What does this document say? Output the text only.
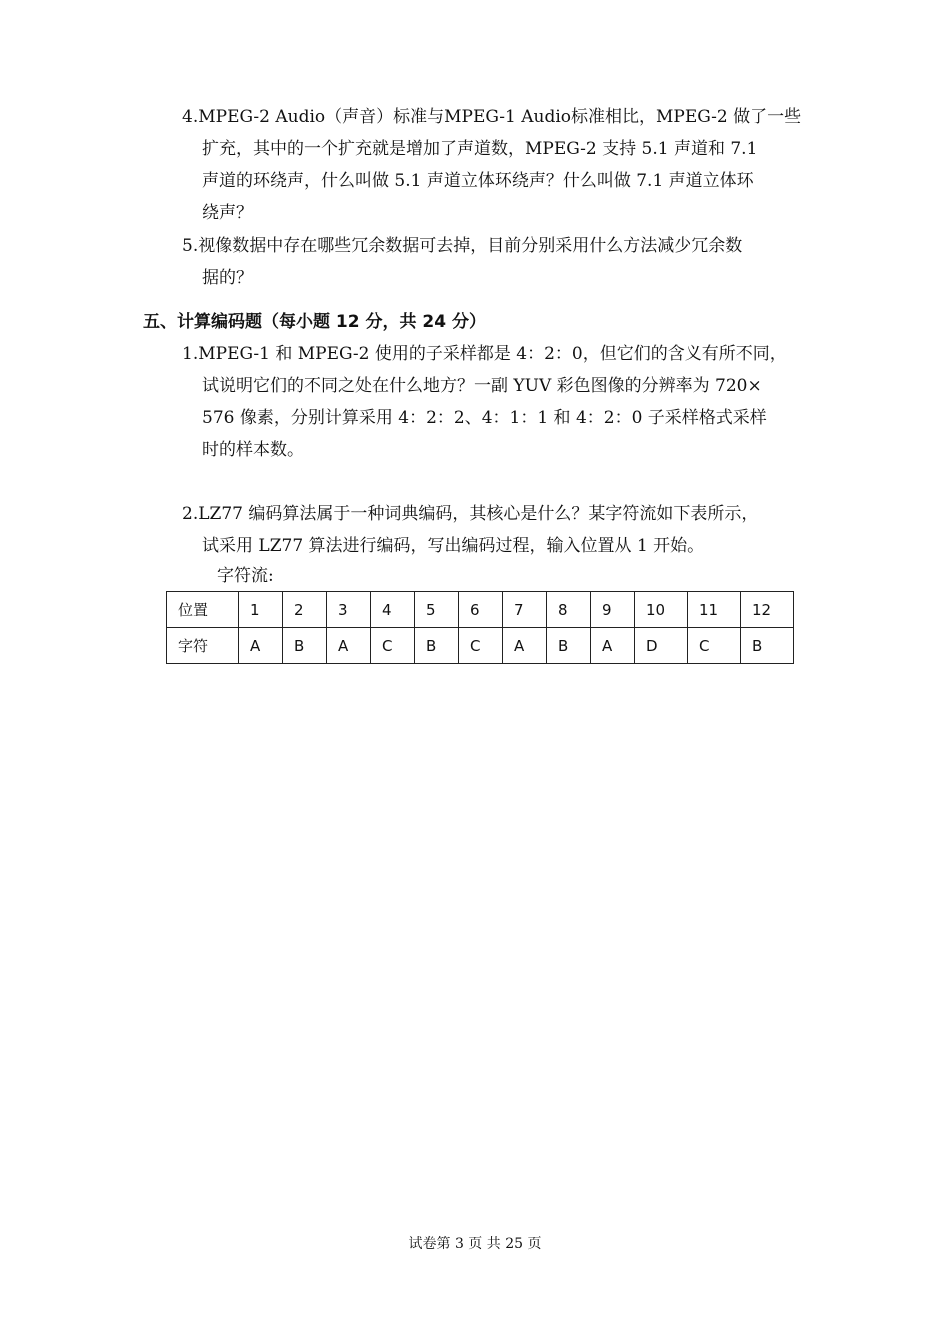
4.MPEG-2 Audio（声音）标准与MPEG-1 Audio标准相比，MPEG-2 做了一些
扩充，其中的一个扩充就是增加了声道数，MPEG-2 支持 5.1 声道和 7.1
声道的环绕声，什么叫做 5.1 声道立体环绕声？什么叫做 7.1 声道立体环
绕声？
5.视像数据中存在哪些冗余数据可去掉，目前分别采用什么方法减少冗余数
据的？
五、计算编码题（每小题 12 分，共 24 分）
1.MPEG-1 和 MPEG-2 使用的子采样都是 4：2：0，但它们的含义有所不同，
试说明它们的不同之处在什么地方？一副 YUV 彩色图像的分辨率为 720×
576 像素，分别计算采用 4：2：2、4：1：1 和 4：2：0 子采样格式采样
时的样本数。
2.LZ77 编码算法属于一种词典编码，其核心是什么？某字符流如下表所示，
试采用 LZ77 算法进行编码，写出编码过程，输入位置从 1 开始。
字符流:
位置	1	2	3	4	5	6	7	8	9	10	11	12
字符	A	B	A	C	B	C	A	B	A	D	C	B
试卷第 3 页 共 25 页
